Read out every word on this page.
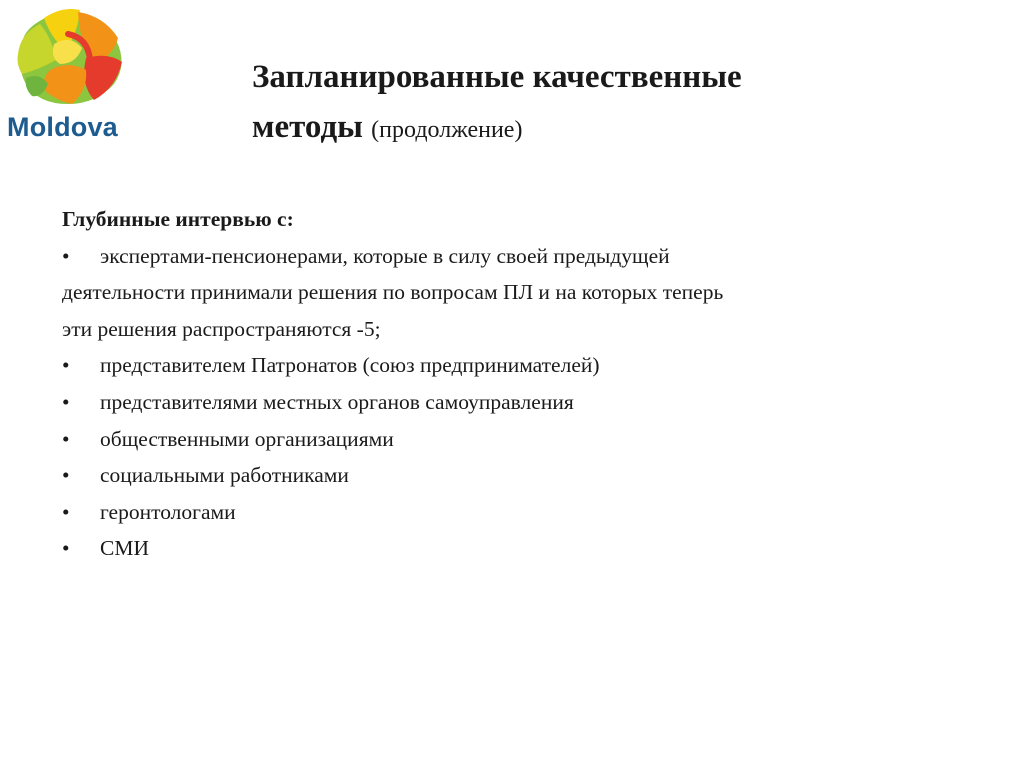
Moldova
Запланированные качественные
методы (продолжение)
Глубинные интервью с:
• экспертами-пенсионерами, которые в силу своей предыдущей
деятельности принимали решения по вопросам ПЛ и на которых теперь
эти решения распространяются -5;
• представителем Патронатов (союз предпринимателей)
• представителями местных органов самоуправления
• общественными организациями
• социальными работниками
• геронтологами
• СМИ
